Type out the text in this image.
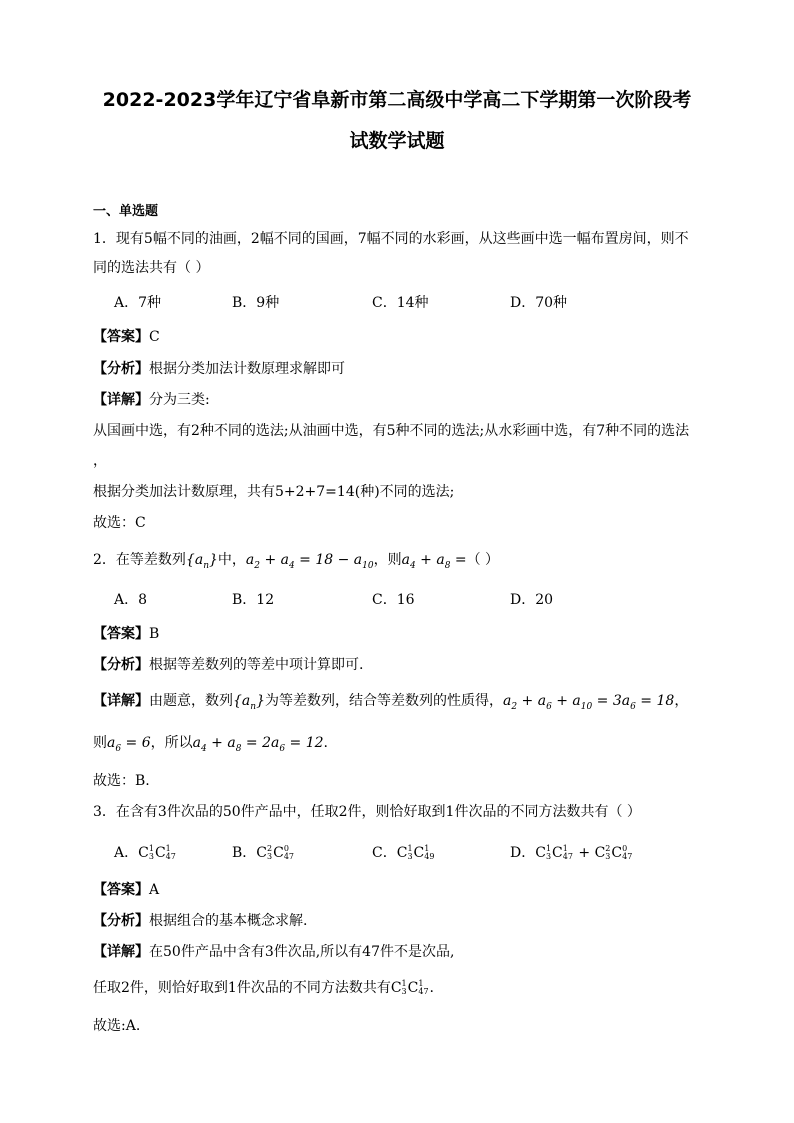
2022-2023学年辽宁省阜新市第二高级中学高二下学期第一次阶段考
试数学试题
一、单选题
1．现有5幅不同的油画，2幅不同的国画，7幅不同的水彩画，从这些画中选一幅布置房间，则不
同的选法共有（ ）
A．7种	B．9种	C．14种	D．70种
【答案】C
【分析】根据分类加法计数原理求解即可
【详解】分为三类:
从国画中选，有2种不同的选法;从油画中选，有5种不同的选法;从水彩画中选，有7种不同的选法
，
根据分类加法计数原理，共有5+2+7=14(种)不同的选法;
故选：C
2．在等差数列$\{a_n\}$中，$a_2 + a_4 = 18 - a_{10}$，则$a_4 + a_8$ =（ ）
A．8	B．12	C．16	D．20
【答案】B
【分析】根据等差数列的等差中项计算即可.
【详解】由题意，数列$\{a_n\}$为等差数列，结合等差数列的性质得，$a_2 + a_6 + a_{10} = 3a_6 = 18$，
则$a_6 = 6$，所以$a_4 + a_8 = 2a_6 = 12$.
故选：B.
3．在含有3件次品的50件产品中，任取2件，则恰好取到1件次品的不同方法数共有（ ）
A．C 1
3 C 1
47	B．C 2
3 C 0
47	C．C 1
3 C 1
49	D．C 1
3 C 1
47 + C 2
3 C 0
47
【答案】A
【分析】根据组合的基本概念求解.
【详解】在50件产品中含有3件次品,所以有47件不是次品,
任取2件，则恰好取到1件次品的不同方法数共有C 1
3 C 1
47 .
故选:A.
